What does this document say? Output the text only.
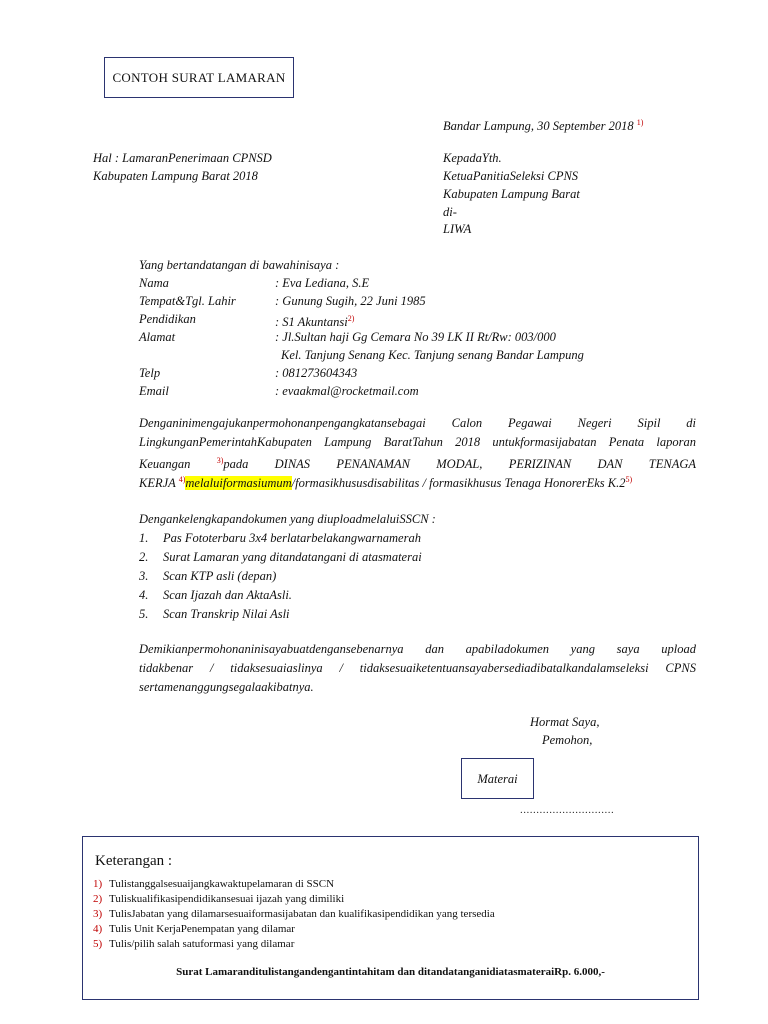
CONTOH SURAT LAMARAN
Bandar Lampung, 30 September 2018 $^{1)}$
Hal : LamaranPenerimaan CPNSD
Kabupaten Lampung Barat 2018
KepadaYth.
KetuaPanitiaSeleksi CPNS
Kabupaten Lampung Barat
di-
LIWA
Yang bertandatangan di bawahinisaya :
Nama	: Eva Lediana, S.E
Tempat&Tgl. Lahir	: Gunung Sugih, 22 Juni 1985
Pendidikan	: S1 Akuntansi$^{2)}$
Alamat	: Jl.Sultan haji Gg Cemara No 39 LK II Rt/Rw: 003/000
Kel. Tanjung Senang Kec. Tanjung senang Bandar Lampung
Telp	: 081273604343
Email	: evaakmal@rocketmail.com
Denganinimengajukanpermohonanpengangkatansebagai Calon Pegawai Negeri Sipil di
LingkunganPemerintahKabupaten Lampung BaratTahun 2018 untukformasijabatan Penata laporan
Keuangan $^{3)}$pada DINAS PENANAMAN MODAL, PERIZINAN DAN TENAGA
KERJA $^{4)}$melaluiformasiumum/formasikhususdisabilitas / formasikhusus Tenaga HonorerEks K.2$^{5)}$
Dengankelengkapandokumen yang diuploadmelaluiSSCN :
1. Pas Fototerbaru 3x4 berlatarbelakangwarnamerah
2. Surat Lamaran yang ditandatangani di atasmaterai
3. Scan KTP asli (depan)
4. Scan Ijazah dan AktaAsli.
5. Scan Transkrip Nilai Asli
Demikianpermohonaninisayabuatdengansebenarnya dan apabiladokumen yang saya upload
tidakbenar / tidaksesuaiaslinya / tidaksesuaiketentuansayabersediadibatalkandalamseleksi CPNS
sertamenanggungsegalaakibatnya.
Hormat Saya,
Pemohon,
Materai
.............................
Keterangan :
1) Tulistanggalsesuaijangkawaktupelamaran di SSCN
2) Tuliskualifikasipendidikansesuai ijazah yang dimiliki
3) TulisJabatan yang dilamarsesuaiformasijabatan dan kualifikasipendidikan yang tersedia
4) Tulis Unit KerjaPenempatan yang dilamar
5) Tulis/pilih salah satuformasi yang dilamar
Surat Lamaranditulistangandengantintahitam dan ditandatanganidiatasmateraiRp. 6.000,-
